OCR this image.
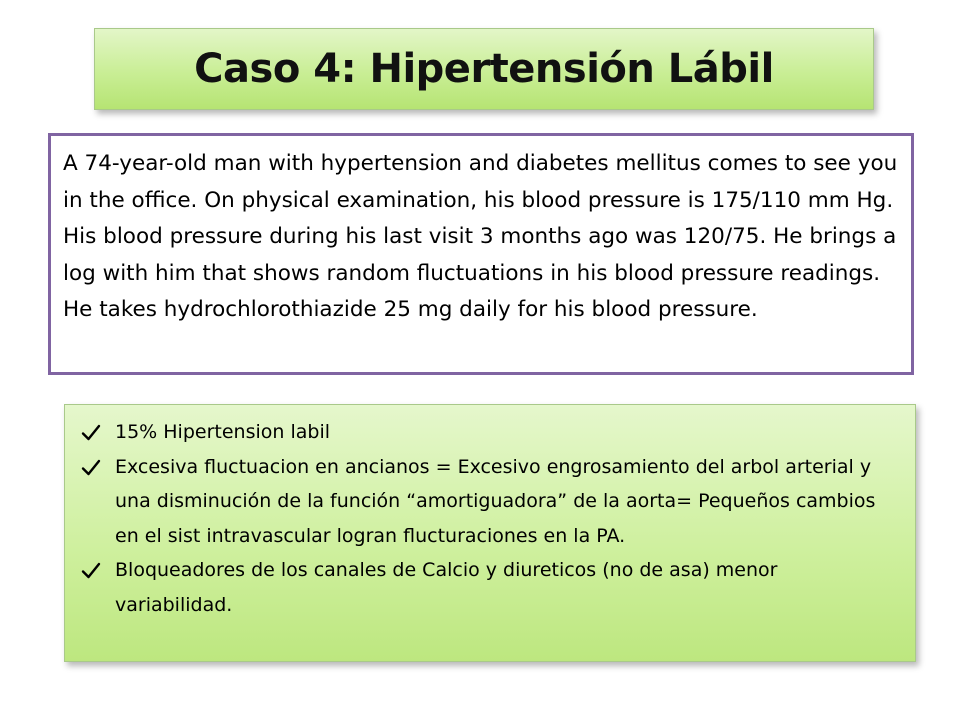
Caso 4: Hipertensión Lábil

A 74-year-old man with hypertension and diabetes mellitus comes to see you in the office. On physical examination, his blood pressure is 175/110 mm Hg. His blood pressure during his last visit 3 months ago was 120/75. He brings a log with him that shows random fluctuations in his blood pressure readings. He takes hydrochlorothiazide 25 mg daily for his blood pressure.

15% Hipertension labil
Excesiva fluctuacion en ancianos = Excesivo engrosamiento del arbol arterial y una disminución de la función “amortiguadora” de la aorta= Pequeños cambios en el sist intravascular logran flucturaciones en la PA.
Bloqueadores de los canales de Calcio y diureticos (no de asa) menor variabilidad.
